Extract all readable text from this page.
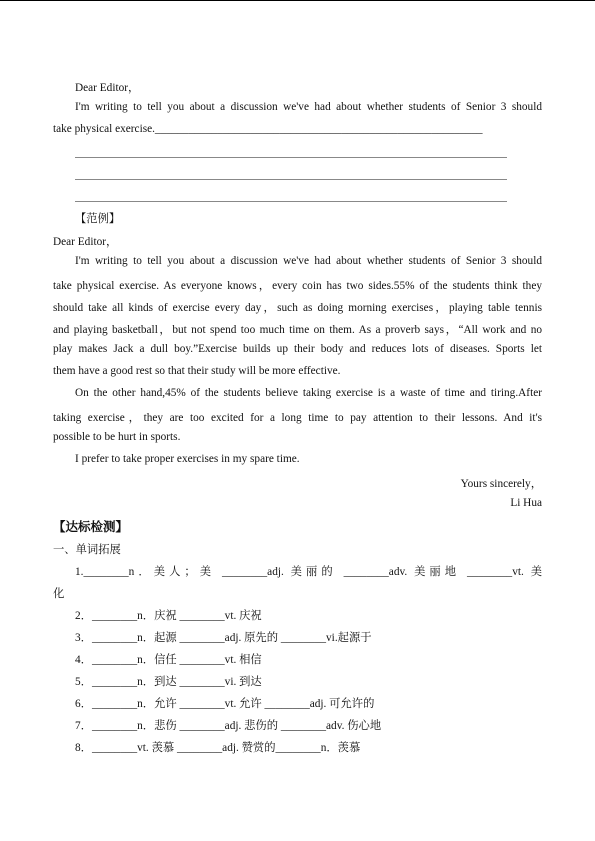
Dear Editor，
I'm writing to tell you about a discussion we've had about whether students of Senior 3 should
take physical exercise.__________________________________________________________
【范例】
Dear Editor，
I'm writing to tell you about a discussion we've had about whether students of Senior 3 should
take physical exercise. As everyone knows，every coin has two sides.55% of the students think they
should take all kinds of exercise every day，such as doing morning exercises，playing table tennis
and playing basketball，but not spend too much time on them. As a proverb says，“All work and no
play makes Jack a dull boy.”Exercise builds up their body and reduces lots of diseases. Sports let
them have a good rest so that their study will be more effective.
On the other hand,45% of the students believe taking exercise is a waste of time and tiring.After
taking exercise，they are too excited for a long time to pay attention to their lessons. And it's
possible to be hurt in sports.
I prefer to take proper exercises in my spare time.
Yours sincerely，
Li Hua
【达标检测】
一、单词拓展
1.________n．美人；美 ________adj. 美丽的 ________adv. 美丽地 ________vt. 美
化
2．________n．庆祝 ________vt. 庆祝
3．________n．起源 ________adj. 原先的 ________vi.起源于
4．________n．信任 ________vt. 相信
5．________n．到达 ________vi. 到达
6．________n．允许 ________vt. 允许 ________adj. 可允许的
7．________n．悲伤 ________adj. 悲伤的 ________adv. 伤心地
8．________vt. 羡慕 ________adj. 赞赏的________n．羡慕
